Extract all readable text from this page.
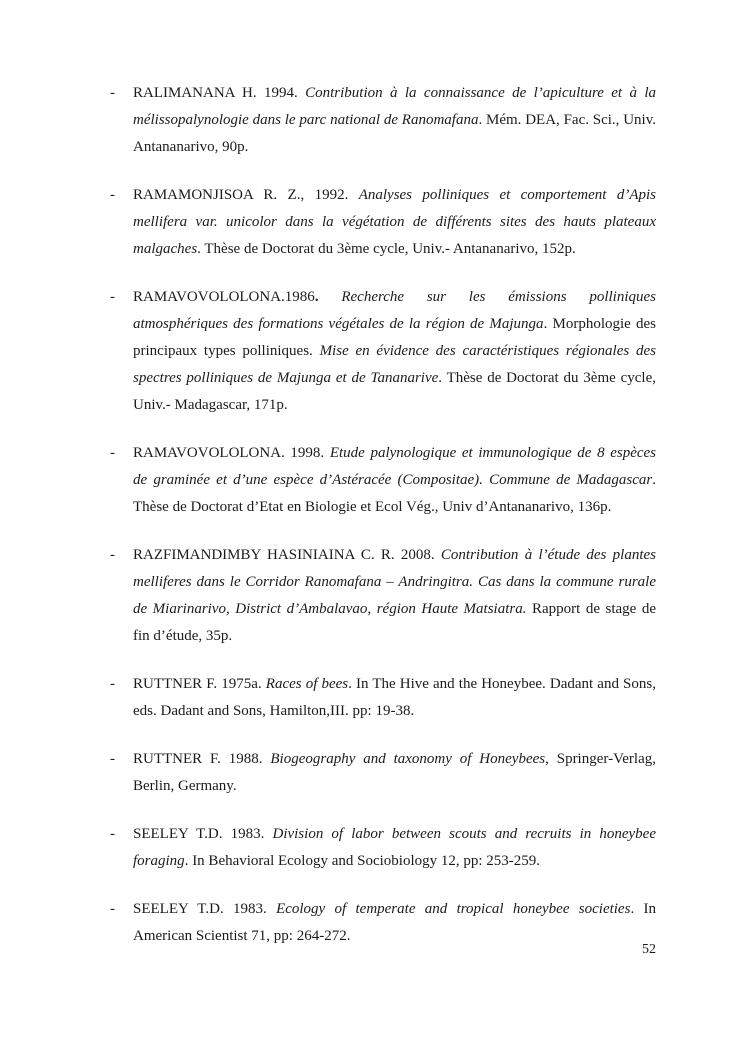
-	RALIMANANA H. 1994. Contribution à la connaissance de l’apiculture et à la mélissopalynologie dans le parc national de Ranomafana. Mém. DEA, Fac. Sci., Univ. Antananarivo, 90p.
-	RAMAMONJISOA R. Z., 1992. Analyses polliniques et comportement d’Apis mellifera var. unicolor dans la végétation de différents sites des hauts plateaux malgaches. Thèse de Doctorat du 3ème cycle, Univ.- Antananarivo, 152p.
-	RAMAVOVOLOLONA.1986. Recherche sur les émissions polliniques atmosphériques des formations végétales de la région de Majunga. Morphologie des principaux types polliniques. Mise en évidence des caractéristiques régionales des spectres polliniques de Majunga et de Tananarive. Thèse de Doctorat du 3ème cycle, Univ.- Madagascar, 171p.
-	RAMAVOVOLOLONA. 1998. Etude palynologique et immunologique de 8 espèces de graminée et d’une espèce d’Astéracée (Compositae). Commune de Madagascar. Thèse de Doctorat d’Etat en Biologie et Ecol Vég., Univ d’Antananarivo, 136p.
-	RAZFIMANDIMBY HASINIAINA C. R. 2008. Contribution à l’étude des plantes melliferes dans le Corridor Ranomafana – Andringitra. Cas dans la commune rurale de Miarinarivo, District d’Ambalavao, région Haute Matsiatra. Rapport de stage de fin d’étude, 35p.
-	RUTTNER F. 1975a. Races of bees. In The Hive and the Honeybee. Dadant and Sons, eds. Dadant and Sons, Hamilton,III. pp: 19-38.
-	RUTTNER F. 1988. Biogeography and taxonomy of Honeybees, Springer-Verlag, Berlin, Germany.
-	SEELEY T.D. 1983. Division of labor between scouts and recruits in honeybee foraging. In Behavioral Ecology and Sociobiology 12, pp: 253-259.
-	SEELEY T.D. 1983. Ecology of temperate and tropical honeybee societies. In American Scientist 71, pp: 264-272.
52
